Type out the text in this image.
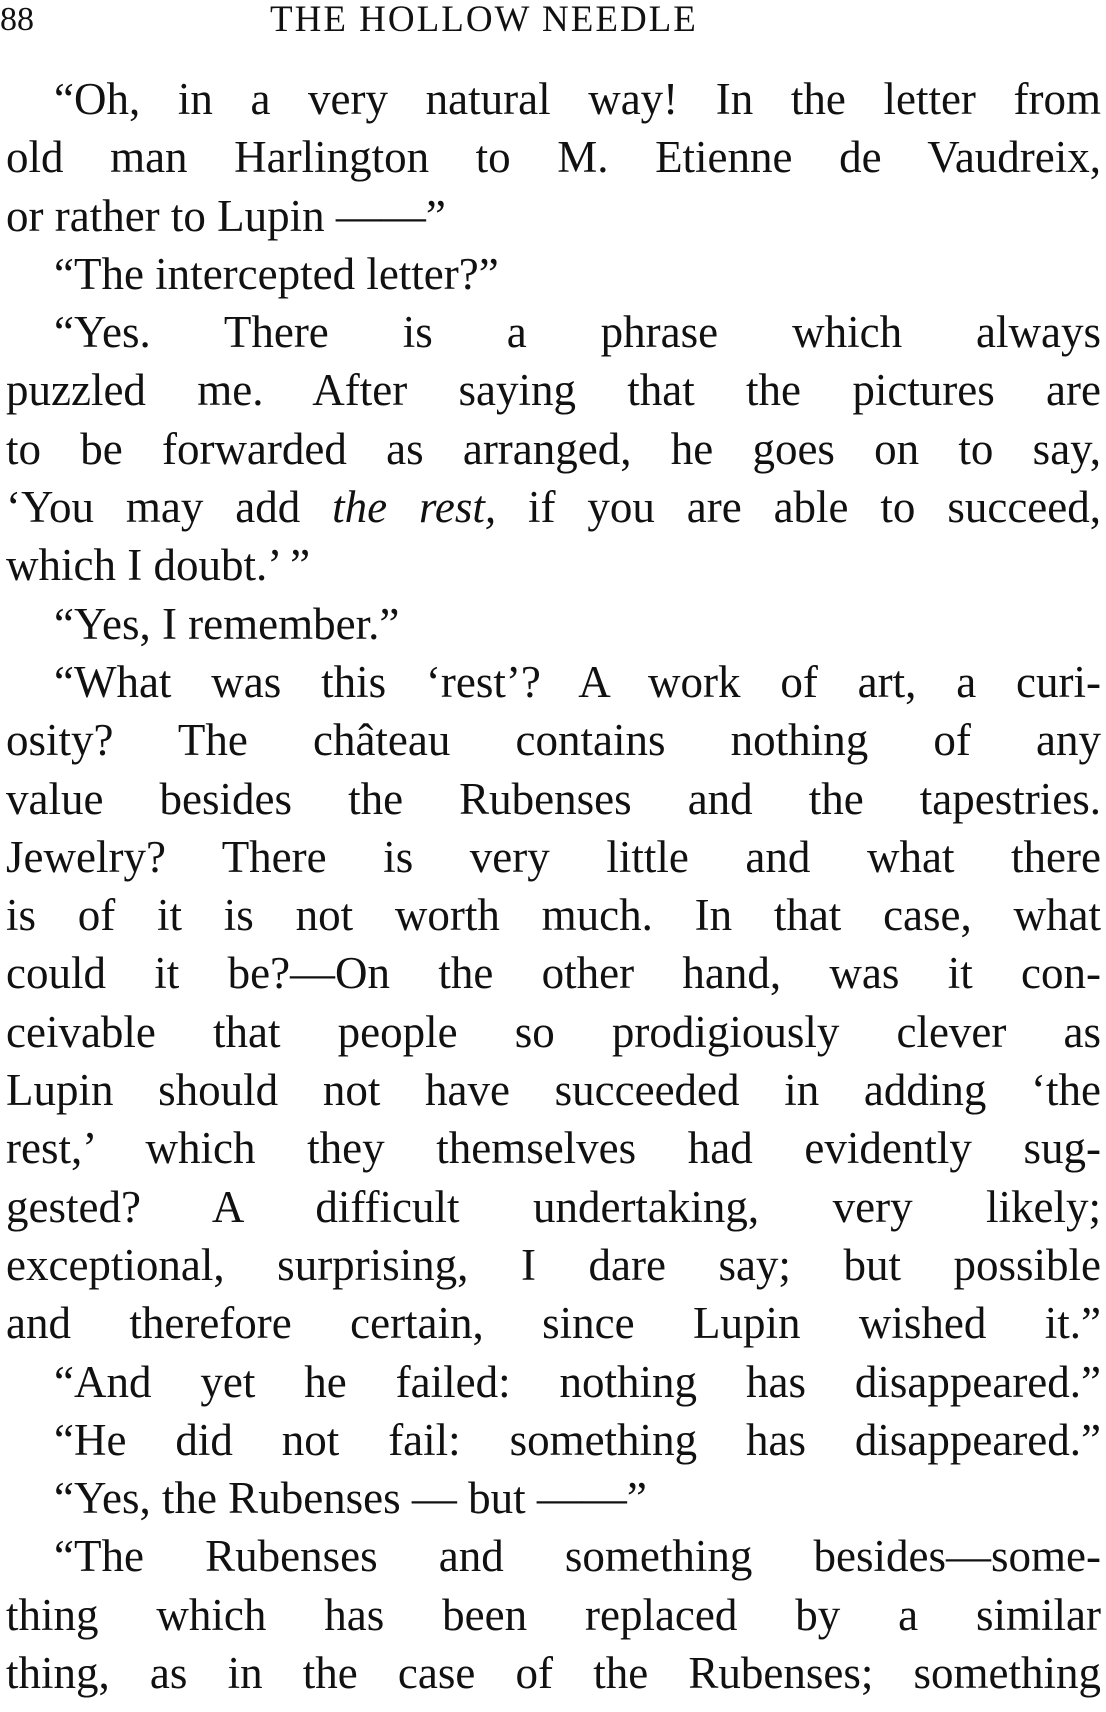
88	THE HOLLOW NEEDLE
“Oh, in a very natural way! In the letter from
old man Harlington to M. Etienne de Vaudreix,
or rather to Lupin ——”
“The intercepted letter?”
“Yes. There is a phrase which always
puzzled me. After saying that the pictures are
to be forwarded as arranged, he goes on to say,
‘You may add the rest, if you are able to succeed,
which I doubt.’ ”
“Yes, I remember.”
“What was this ‘rest’? A work of art, a curi-
osity? The château contains nothing of any
value besides the Rubenses and the tapestries.
Jewelry? There is very little and what there
is of it is not worth much. In that case, what
could it be?—On the other hand, was it con-
ceivable that people so prodigiously clever as
Lupin should not have succeeded in adding ‘the
rest,’ which they themselves had evidently sug-
gested? A difficult undertaking, very likely;
exceptional, surprising, I dare say; but possible
and therefore certain, since Lupin wished it.”
“And yet he failed: nothing has disappeared.”
“He did not fail: something has disappeared.”
“Yes, the Rubenses — but ——”
“The Rubenses and something besides—some-
thing which has been replaced by a similar
thing, as in the case of the Rubenses; something
